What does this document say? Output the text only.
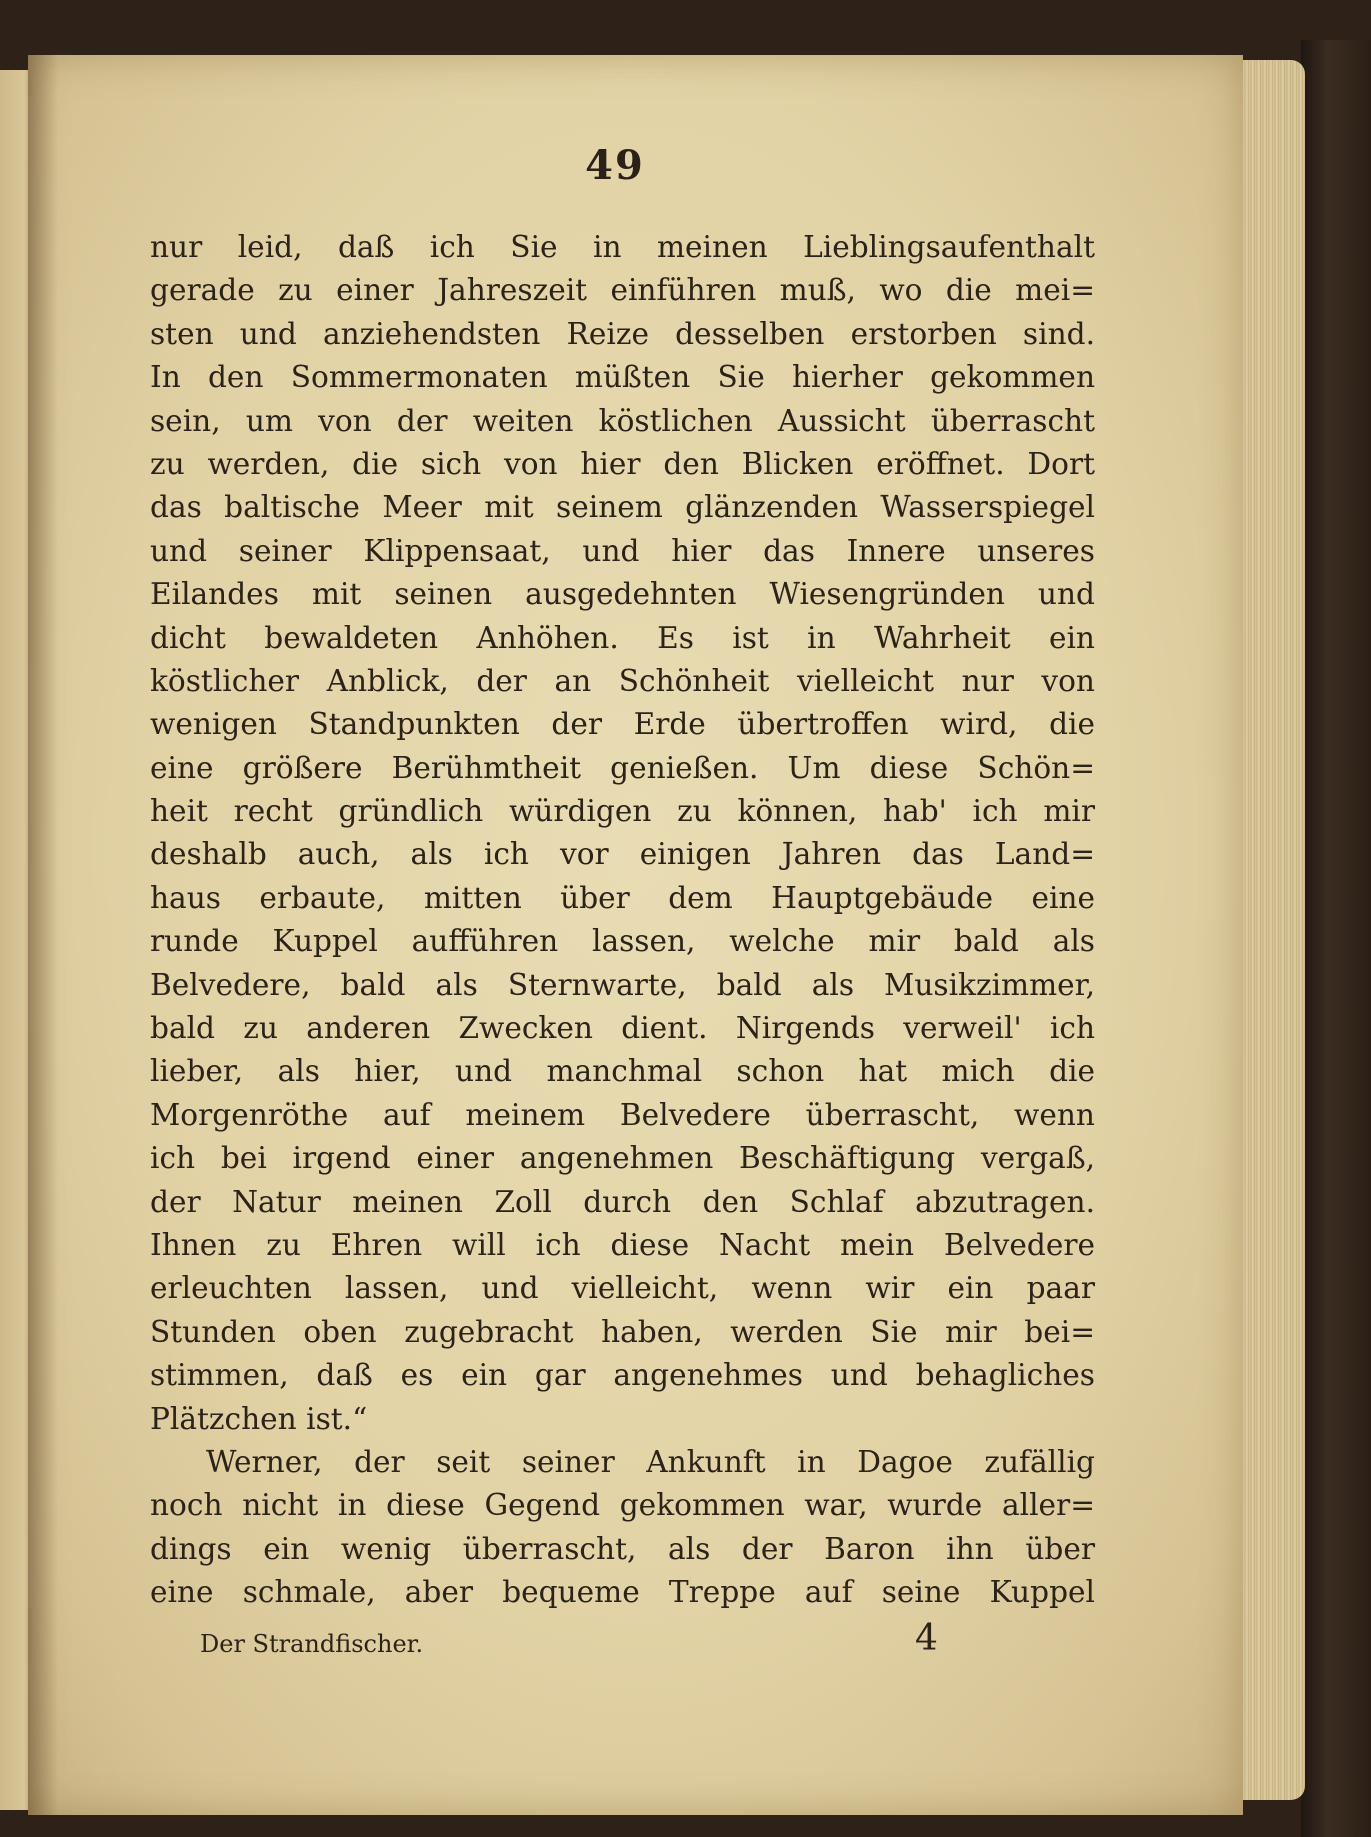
49
nur leid, daß ich Sie in meinen Lieblingsaufenthalt
gerade zu einer Jahreszeit einführen muß, wo die mei=
sten und anziehendsten Reize desselben erstorben sind.
In den Sommermonaten müßten Sie hierher gekommen
sein, um von der weiten köstlichen Aussicht überrascht
zu werden, die sich von hier den Blicken eröffnet. Dort
das baltische Meer mit seinem glänzenden Wasserspiegel
und seiner Klippensaat, und hier das Innere unseres
Eilandes mit seinen ausgedehnten Wiesengründen und
dicht bewaldeten Anhöhen. Es ist in Wahrheit ein
köstlicher Anblick, der an Schönheit vielleicht nur von
wenigen Standpunkten der Erde übertroffen wird, die
eine größere Berühmtheit genießen. Um diese Schön=
heit recht gründlich würdigen zu können, hab' ich mir
deshalb auch, als ich vor einigen Jahren das Land=
haus erbaute, mitten über dem Hauptgebäude eine
runde Kuppel aufführen lassen, welche mir bald als
Belvedere, bald als Sternwarte, bald als Musikzimmer,
bald zu anderen Zwecken dient. Nirgends verweil' ich
lieber, als hier, und manchmal schon hat mich die
Morgenröthe auf meinem Belvedere überrascht, wenn
ich bei irgend einer angenehmen Beschäftigung vergaß,
der Natur meinen Zoll durch den Schlaf abzutragen.
Ihnen zu Ehren will ich diese Nacht mein Belvedere
erleuchten lassen, und vielleicht, wenn wir ein paar
Stunden oben zugebracht haben, werden Sie mir bei=
stimmen, daß es ein gar angenehmes und behagliches
Plätzchen ist.“
Werner, der seit seiner Ankunft in Dagoe zufällig
noch nicht in diese Gegend gekommen war, wurde aller=
dings ein wenig überrascht, als der Baron ihn über
eine schmale, aber bequeme Treppe auf seine Kuppel
Der Strandfischer.	4
